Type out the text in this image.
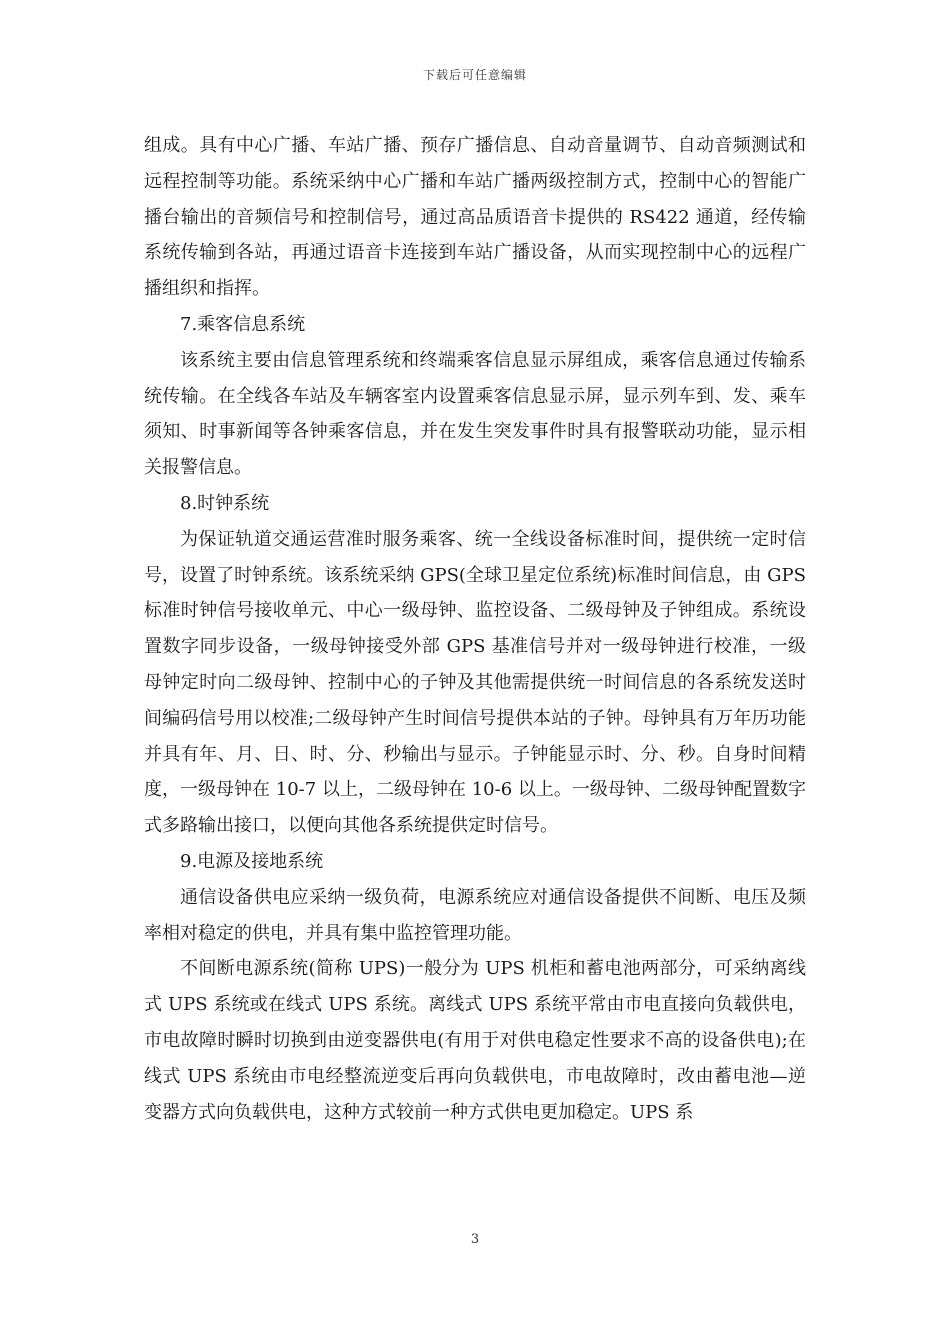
下载后可任意编辑

组成。具有中心广播、车站广播、预存广播信息、自动音量调节、自动音频测试和远程控制等功能。系统采纳中心广播和车站广播两级控制方式，控制中心的智能广播台输出的音频信号和控制信号，通过高品质语音卡提供的 RS422 通道，经传输系统传输到各站，再通过语音卡连接到车站广播设备，从而实现控制中心的远程广播组织和指挥。

7.乘客信息系统

该系统主要由信息管理系统和终端乘客信息显示屏组成，乘客信息通过传输系统传输。在全线各车站及车辆客室内设置乘客信息显示屏，显示列车到、发、乘车须知、时事新闻等各钟乘客信息，并在发生突发事件时具有报警联动功能，显示相关报警信息。

8.时钟系统

为保证轨道交通运营准时服务乘客、统一全线设备标准时间，提供统一定时信号，设置了时钟系统。该系统采纳 GPS(全球卫星定位系统)标准时间信息，由 GPS 标准时钟信号接收单元、中心一级母钟、监控设备、二级母钟及子钟组成。系统设置数字同步设备，一级母钟接受外部 GPS 基准信号并对一级母钟进行校准，一级母钟定时向二级母钟、控制中心的子钟及其他需提供统一时间信息的各系统发送时间编码信号用以校准;二级母钟产生时间信号提供本站的子钟。母钟具有万年历功能并具有年、月、日、时、分、秒输出与显示。子钟能显示时、分、秒。自身时间精度，一级母钟在 10-7 以上，二级母钟在 10-6 以上。一级母钟、二级母钟配置数字式多路输出接口，以便向其他各系统提供定时信号。

9.电源及接地系统

通信设备供电应采纳一级负荷，电源系统应对通信设备提供不间断、电压及频率相对稳定的供电，并具有集中监控管理功能。

不间断电源系统(简称 UPS)一般分为 UPS 机柜和蓄电池两部分，可采纳离线式 UPS 系统或在线式 UPS 系统。离线式 UPS 系统平常由市电直接向负载供电，市电故障时瞬时切换到由逆变器供电(有用于对供电稳定性要求不高的设备供电);在线式 UPS 系统由市电经整流逆变后再向负载供电，市电故障时，改由蓄电池—逆变器方式向负载供电，这种方式较前一种方式供电更加稳定。UPS 系

3
